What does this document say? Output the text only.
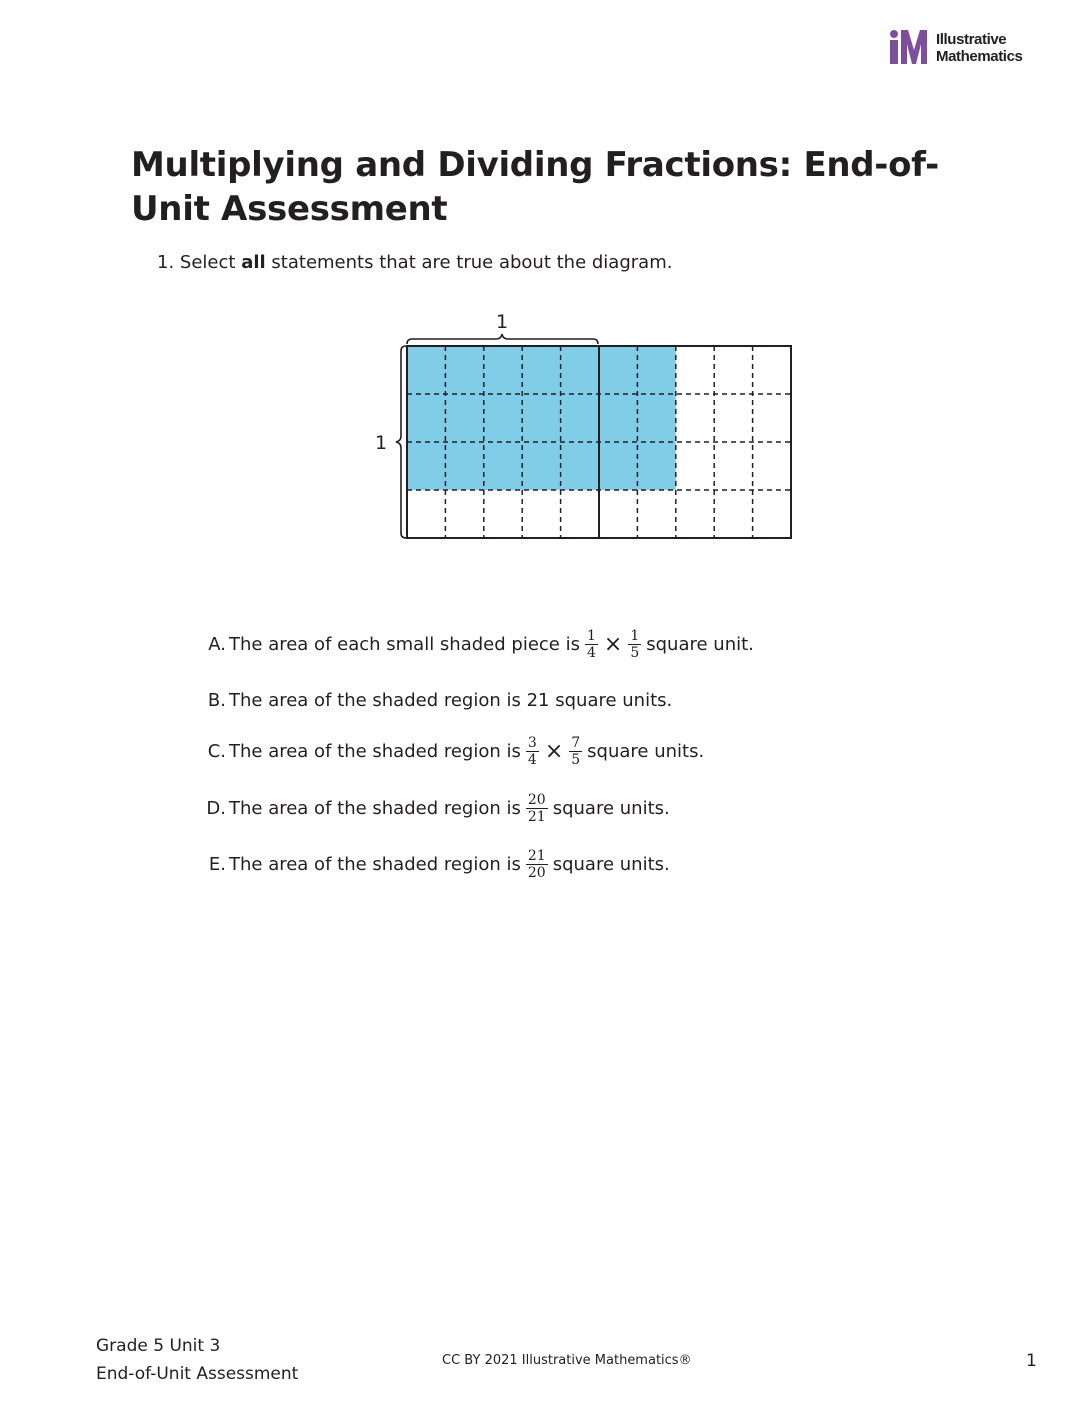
Illustrative
Mathematics
Multiplying and Dividing Fractions: End-of-Unit Assessment
1. Select all statements that are true about the diagram.
1
1
A. The area of each small shaded piece is $\frac{1}{4} \times \frac{1}{5}$ square unit.
B. The area of the shaded region is 21 square units.
C. The area of the shaded region is $\frac{3}{4} \times \frac{7}{5}$ square units.
D. The area of the shaded region is $\frac{20}{21}$ square units.
E. The area of the shaded region is $\frac{21}{20}$ square units.
Grade 5 Unit 3
End-of-Unit Assessment
CC BY 2021 Illustrative Mathematics®	1
